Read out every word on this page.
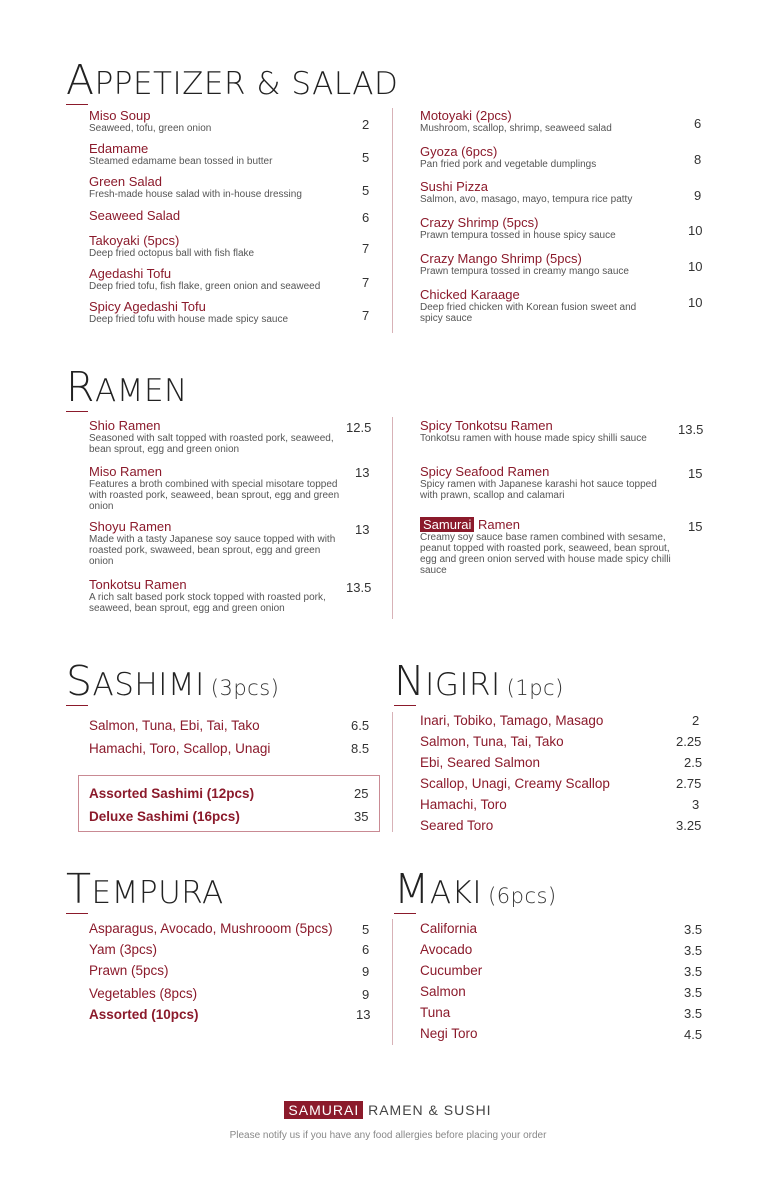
APPETIZER & SALAD
Miso Soup
Seaweed, tofu, green onion	2
Edamame
Steamed edamame bean tossed in butter	5
Green Salad
Fresh-made house salad with in-house dressing	5
Seaweed Salad	6
Takoyaki (5pcs)
Deep fried octopus ball with fish flake	7
Agedashi Tofu
Deep fried tofu, fish flake, green onion and seaweed	7
Spicy Agedashi Tofu
Deep fried tofu with house made spicy sauce	7
Motoyaki (2pcs)
Mushroom, scallop, shrimp, seaweed salad	6
Gyoza (6pcs)
Pan fried pork and vegetable dumplings	8
Sushi Pizza
Salmon, avo, masago, mayo, tempura rice patty	9
Crazy Shrimp (5pcs)
Prawn tempura tossed in house spicy sauce	10
Crazy Mango Shrimp (5pcs)
Prawn tempura tossed in creamy mango sauce	10
Chicked Karaage
Deep fried chicken with Korean fusion sweet and spicy sauce
10
RAMEN
Shio Ramen
Seasoned with salt topped with roasted pork, seaweed, bean sprout, egg and green onion
12.5
Miso Ramen
Features a broth combined with special misotare topped with roasted pork, seaweed, bean sprout, egg and green onion
13
Shoyu Ramen
Made with a tasty Japanese soy sauce topped with with roasted pork, swaweed, bean sprout, egg and green onion
13
Tonkotsu Ramen
A rich salt based pork stock topped with roasted pork, seaweed, bean sprout, egg and green onion
13.5
Spicy Tonkotsu Ramen
Tonkotsu ramen with house made spicy shilli sauce
13.5
Spicy Seafood Ramen
Spicy ramen with Japanese karashi hot sauce topped with prawn, scallop and calamari
15
Samurai Ramen
Creamy soy sauce base ramen combined with sesame, peanut topped with roasted pork, seaweed, bean sprout, egg and green onion served with house made spicy chilli sauce
15
SASHIMI (3pcs)
Salmon, Tuna, Ebi, Tai, Tako	6.5
Hamachi, Toro, Scallop, Unagi	8.5
Assorted Sashimi (12pcs)	25
Deluxe Sashimi (16pcs)	35
NIGIRI (1pc)
Inari, Tobiko, Tamago, Masago	2
Salmon, Tuna, Tai, Tako	2.25
Ebi, Seared Salmon	2.5
Scallop, Unagi, Creamy Scallop	2.75
Hamachi, Toro	3
Seared Toro	3.25
TEMPURA
Asparagus, Avocado, Mushrooom (5pcs) 5
Yam (3pcs)	6
Prawn (5pcs)	9
Vegetables (8pcs)	9
Assorted (10pcs)	13
MAKI (6pcs)
California	3.5
Avocado	3.5
Cucumber	3.5
Salmon	3.5
Tuna	3.5
Negi Toro	4.5
SAMURAI RAMEN & SUSHI
Please notify us if you have any food allergies before placing your order
